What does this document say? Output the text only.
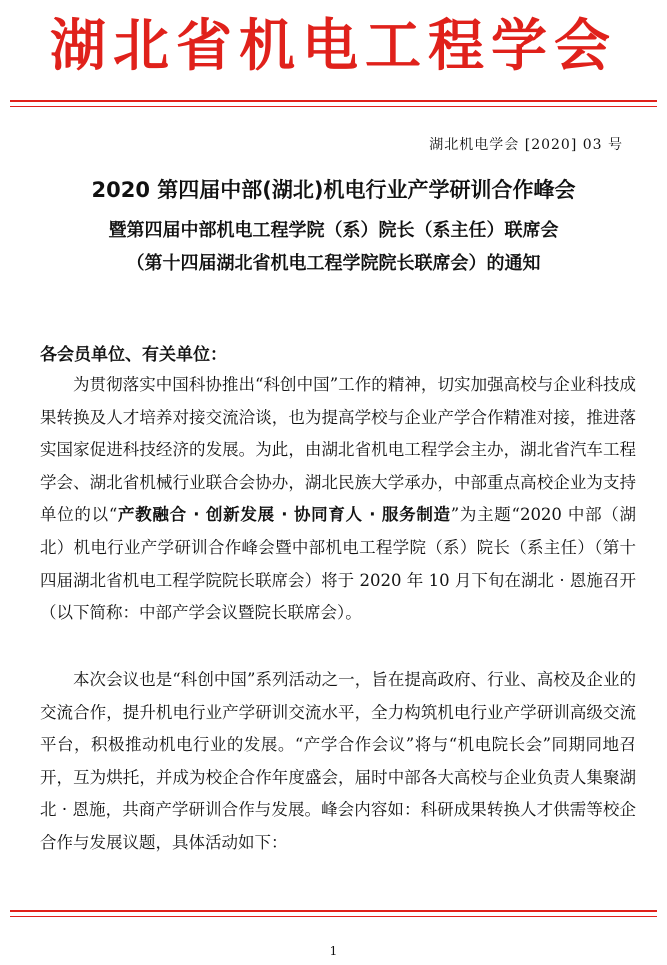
湖北省机电工程学会
湖北机电学会 [2020] 03 号
2020 第四届中部(湖北)机电行业产学研训合作峰会
暨第四届中部机电工程学院（系）院长（系主任）联席会
（第十四届湖北省机电工程学院院长联席会）的通知
各会员单位、有关单位：

为贯彻落实中国科协推出“科创中国”工作的精神，切实加强高校与企业科技成果转换及人才培养对接交流洽谈，也为提高学校与企业产学合作精准对接，推进落实国家促进科技经济的发展。为此，由湖北省机电工程学会主办，湖北省汽车工程学会、湖北省机械行业联合会协办，湖北民族大学承办，中部重点高校企业为支持单位的以“产教融合 · 创新发展 · 协同育人 · 服务制造”为主题“2020 中部（湖北）机电行业产学研训合作峰会暨中部机电工程学院（系）院长（系主任）（第十四届湖北省机电工程学院院长联席会）将于 2020 年 10 月下旬在湖北 · 恩施召开（以下简称：中部产学会议暨院长联席会）。

本次会议也是“科创中国”系列活动之一，旨在提高政府、行业、高校及企业的交流合作，提升机电行业产学研训交流水平，全力构筑机电行业产学研训高级交流平台，积极推动机电行业的发展。“产学合作会议”将与“机电院长会”同期同地召开，互为烘托，并成为校企合作年度盛会，届时中部各大高校与企业负责人集聚湖北 · 恩施，共商产学研训合作与发展。峰会内容如：科研成果转换人才供需等校企合作与发展议题，具体活动如下：

1
